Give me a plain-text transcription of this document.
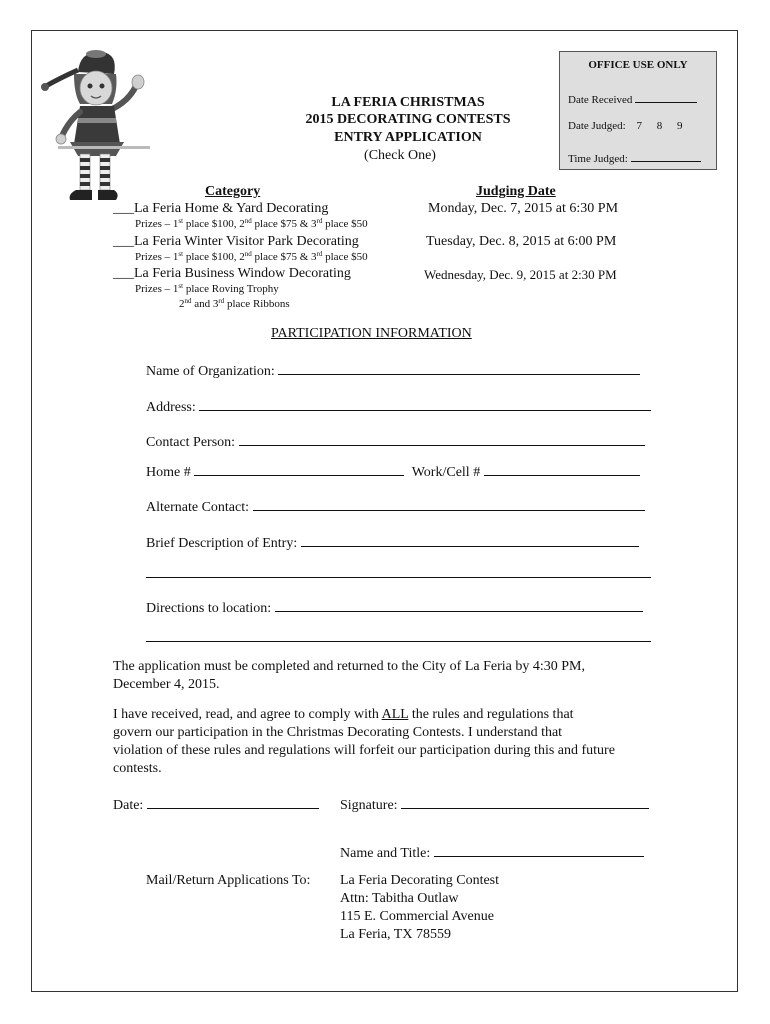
OFFICE USE ONLY
Date Received
Date Judged: 7 8 9
Time Judged:
LA FERIA CHRISTMAS
2015 DECORATING CONTESTS
ENTRY APPLICATION
(Check One)
Category	Judging Date
___La Feria Home & Yard Decorating	Monday, Dec. 7, 2015 at 6:30 PM
Prizes – 1st place $100, 2nd place $75 & 3rd place $50
___La Feria Winter Visitor Park Decorating	Tuesday, Dec. 8, 2015 at 6:00 PM
Prizes – 1st place $100, 2nd place $75 & 3rd place $50
___La Feria Business Window Decorating	Wednesday, Dec. 9, 2015 at 2:30 PM
Prizes – 1st place Roving Trophy
2nd and 3rd place Ribbons
PARTICIPATION INFORMATION
Name of Organization:
Address:
Contact Person:
Home #	Work/Cell #
Alternate Contact:
Brief Description of Entry:
Directions to location:
The application must be completed and returned to the City of La Feria by 4:30 PM,
December 4, 2015.
I have received, read, and agree to comply with ALL the rules and regulations that
govern our participation in the Christmas Decorating Contests. I understand that
violation of these rules and regulations will forfeit our participation during this and future
contests.
Date:	Signature:
Name and Title:
Mail/Return Applications To: La Feria Decorating Contest
Attn: Tabitha Outlaw
115 E. Commercial Avenue
La Feria, TX 78559
